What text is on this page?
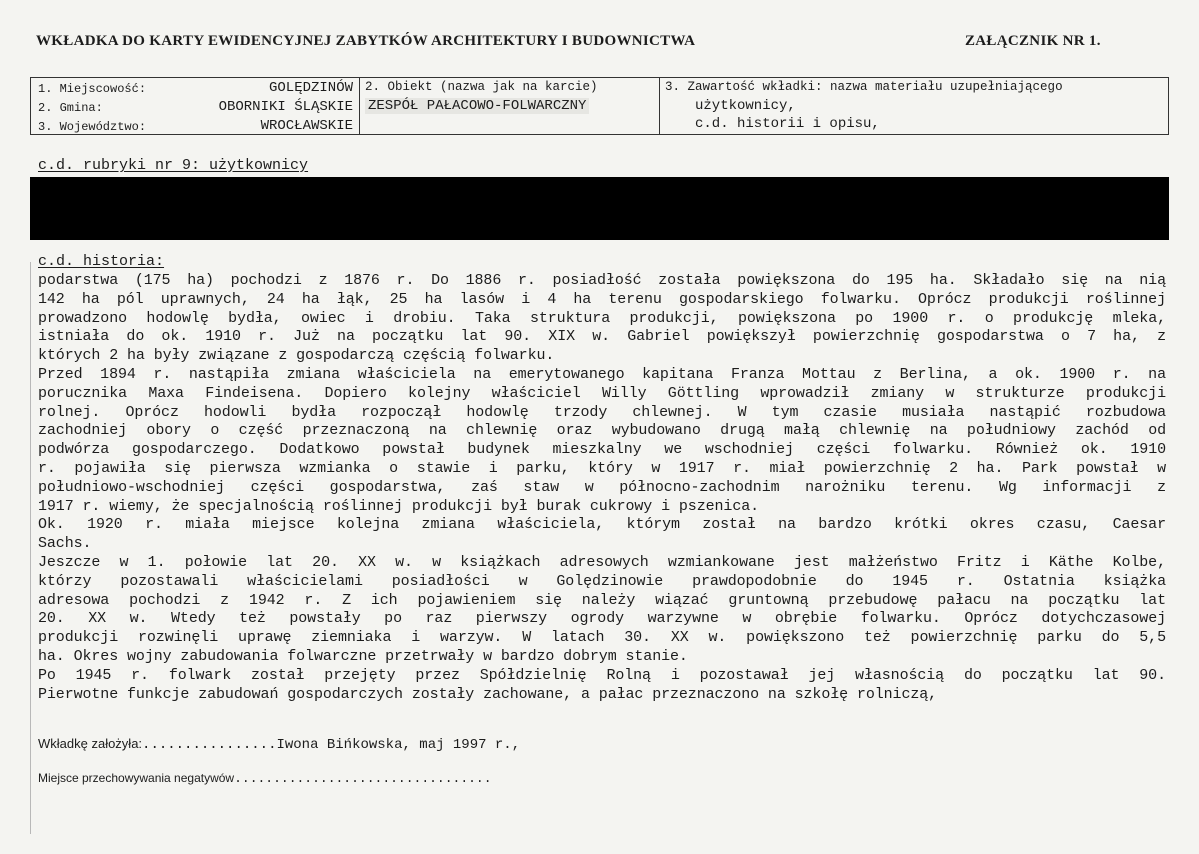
WKŁADKA DO KARTY EWIDENCYJNEJ ZABYTKÓW ARCHITEKTURY I BUDOWNICTWA	ZAŁĄCZNIK NR 1.
1. Miejscowość:	GOLĘDZINÓW
2. Gmina:	OBORNIKI ŚLĄSKIE
3. Województwo:	WROCŁAWSKIE
2. Obiekt (nazwa jak na karcie)
ZESPÓŁ PAŁACOWO-FOLWARCZNY
3. Zawartość wkładki: nazwa materiału uzupełniającego
użytkownicy,
c.d. historii i opisu,
c.d. rubryki nr 9: użytkownicy
c.d. historia:
podarstwa (175 ha) pochodzi z 1876 r. Do 1886 r. posiadłość została powiększona do 195 ha. Składało się na nią
142 ha pól uprawnych, 24 ha łąk, 25 ha lasów i 4 ha terenu gospodarskiego folwarku. Oprócz produkcji roślinnej
prowadzono hodowlę bydła, owiec i drobiu. Taka struktura produkcji, powiększona po 1900 r. o produkcję mleka,
istniała do ok. 1910 r. Już na początku lat 90. XIX w. Gabriel powiększył powierzchnię gospodarstwa o 7 ha, z
których 2 ha były związane z gospodarczą częścią folwarku.
Przed 1894 r. nastąpiła zmiana właściciela na emerytowanego kapitana Franza Mottau z Berlina, a ok. 1900 r. na
porucznika Maxa Findeisena. Dopiero kolejny właściciel Willy Göttling wprowadził zmiany w strukturze produkcji
rolnej. Oprócz hodowli bydła rozpoczął hodowlę trzody chlewnej. W tym czasie musiała nastąpić rozbudowa
zachodniej obory o część przeznaczoną na chlewnię oraz wybudowano drugą małą chlewnię na południowy zachód od
podwórza gospodarczego. Dodatkowo powstał budynek mieszkalny we wschodniej części folwarku. Również ok. 1910
r. pojawiła się pierwsza wzmianka o stawie i parku, który w 1917 r. miał powierzchnię 2 ha. Park powstał w
południowo-wschodniej części gospodarstwa, zaś staw w północno-zachodnim narożniku terenu. Wg informacji z
1917 r. wiemy, że specjalnością roślinnej produkcji był burak cukrowy i pszenica.
Ok. 1920 r. miała miejsce kolejna zmiana właściciela, którym został na bardzo krótki okres czasu, Caesar
Sachs.
Jeszcze w 1. połowie lat 20. XX w. w książkach adresowych wzmiankowane jest małżeństwo Fritz i Käthe Kolbe,
którzy pozostawali właścicielami posiadłości w Golędzinowie prawdopodobnie do 1945 r. Ostatnia książka
adresowa pochodzi z 1942 r. Z ich pojawieniem się należy wiązać gruntowną przebudowę pałacu na początku lat
20. XX w. Wtedy też powstały po raz pierwszy ogrody warzywne w obrębie folwarku. Oprócz dotychczasowej
produkcji rozwinęli uprawę ziemniaka i warzyw. W latach 30. XX w. powiększono też powierzchnię parku do 5,5
ha. Okres wojny zabudowania folwarczne przetrwały w bardzo dobrym stanie.
Po 1945 r. folwark został przejęty przez Spółdzielnię Rolną i pozostawał jej własnością do początku lat 90.
Pierwotne funkcje zabudowań gospodarczych zostały zachowane, a pałac przeznaczono na szkołę rolniczą,
Wkładkę założyła:................Iwona Bińkowska, maj 1997 r.,
Miejsce przechowywania negatywów.................................
